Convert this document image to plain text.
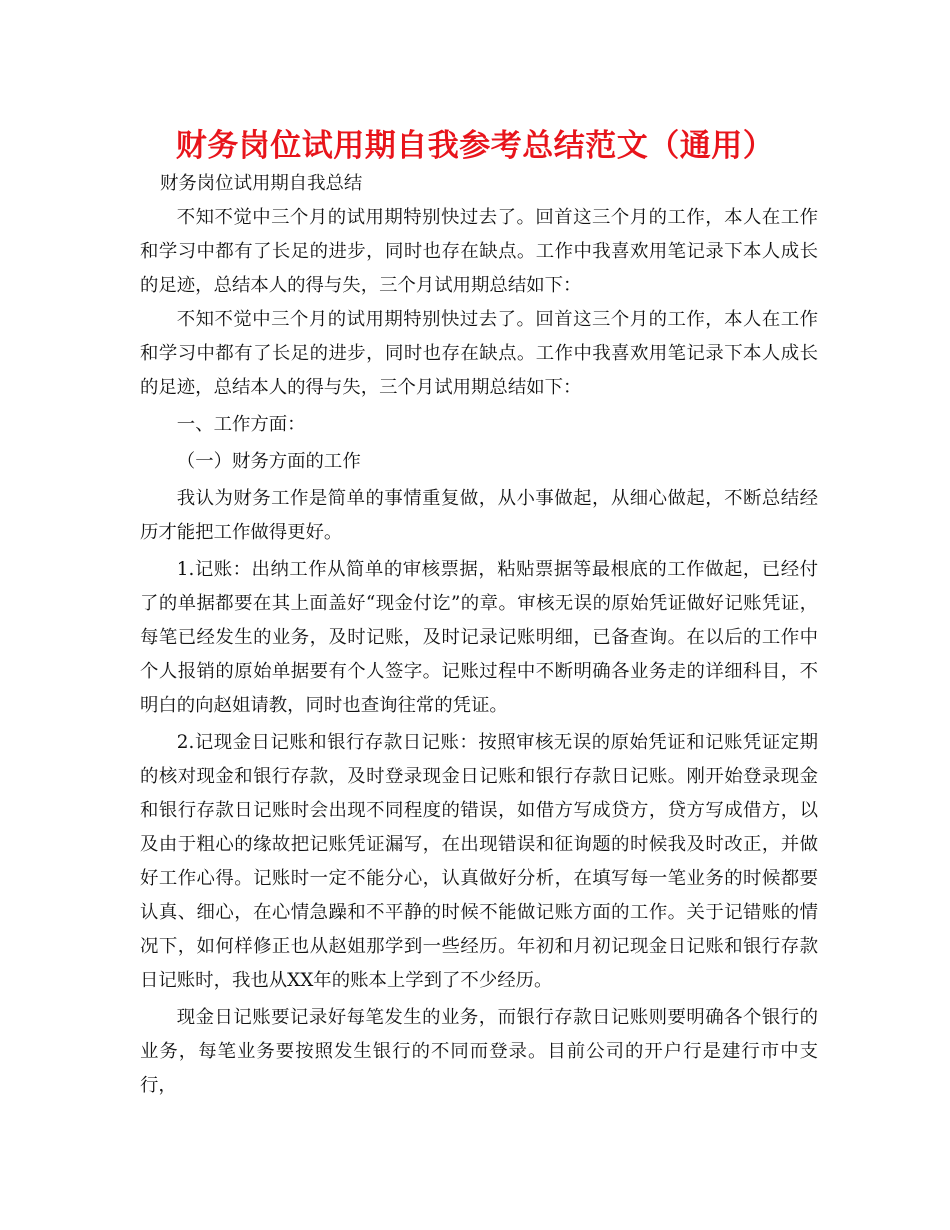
财务岗位试用期自我参考总结范文（通用）

财务岗位试用期自我总结

不知不觉中三个月的试用期特别快过去了。回首这三个月的工作，本人在工作和学习中都有了长足的进步，同时也存在缺点。工作中我喜欢用笔记录下本人成长的足迹，总结本人的得与失，三个月试用期总结如下：

不知不觉中三个月的试用期特别快过去了。回首这三个月的工作，本人在工作和学习中都有了长足的进步，同时也存在缺点。工作中我喜欢用笔记录下本人成长的足迹，总结本人的得与失，三个月试用期总结如下：

一、工作方面：

（一）财务方面的工作

我认为财务工作是简单的事情重复做，从小事做起，从细心做起，不断总结经历才能把工作做得更好。

1.记账：出纳工作从简单的审核票据，粘贴票据等最根底的工作做起，已经付了的单据都要在其上面盖好“现金付讫”的章。审核无误的原始凭证做好记账凭证，每笔已经发生的业务，及时记账，及时记录记账明细，已备查询。在以后的工作中个人报销的原始单据要有个人签字。记账过程中不断明确各业务走的详细科目，不明白的向赵姐请教，同时也查询往常的凭证。

2.记现金日记账和银行存款日记账：按照审核无误的原始凭证和记账凭证定期的核对现金和银行存款，及时登录现金日记账和银行存款日记账。刚开始登录现金和银行存款日记账时会出现不同程度的错误，如借方写成贷方，贷方写成借方，以及由于粗心的缘故把记账凭证漏写，在出现错误和征询题的时候我及时改正，并做好工作心得。记账时一定不能分心，认真做好分析，在填写每一笔业务的时候都要认真、细心，在心情急躁和不平静的时候不能做记账方面的工作。关于记错账的情况下，如何样修正也从赵姐那学到一些经历。年初和月初记现金日记账和银行存款日记账时，我也从XX年的账本上学到了不少经历。

现金日记账要记录好每笔发生的业务，而银行存款日记账则要明确各个银行的业务，每笔业务要按照发生银行的不同而登录。目前公司的开户行是建行市中支行，
